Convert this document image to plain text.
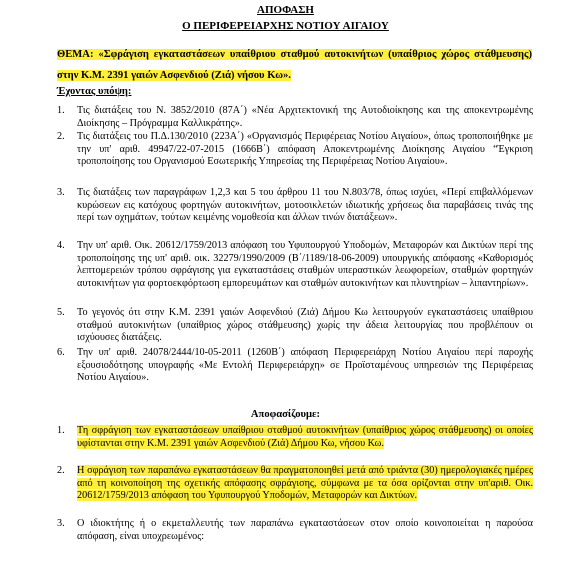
ΑΠΟΦΑΣΗ
Ο ΠΕΡΙΦΕΡΕΙΑΡΧΗΣ ΝΟΤΙΟΥ ΑΙΓΑΙΟΥ
ΘΕΜΑ: «Σφράγιση εγκαταστάσεων υπαίθριου σταθμού αυτοκινήτων (υπαίθριος χώρος στάθμευσης) στην Κ.Μ. 2391 γαιών Ασφενδιού (Ζιά) νήσου Κω».
Έχοντας υπόψη:
1.	Τις διατάξεις του Ν. 3852/2010 (87Α΄) «Νέα Αρχιτεκτονική της Αυτοδιοίκησης και της αποκεντρωμένης Διοίκησης – Πρόγραμμα Καλλικράτης».
2.	Τις διατάξεις του Π.Δ.130/2010 (223Α΄) «Οργανισμός Περιφέρειας Νοτίου Αιγαίου», όπως τροποποιήθηκε με την υπ' αριθ. 49947/22-07-2015 (1666Β΄) απόφαση Αποκεντρωμένης Διοίκησης Αιγαίου “Έγκριση τροποποίησης του Οργανισμού Εσωτερικής Υπηρεσίας της Περιφέρειας Νοτίου Αιγαίου».
3.	Τις διατάξεις των παραγράφων 1,2,3 και 5 του άρθρου 11 του Ν.803/78, όπως ισχύει, «Περί επιβαλλόμενων κυρώσεων εις κατόχους φορτηγών αυτοκινήτων, μοτοσικλετών ιδιωτικής χρήσεως δια παραβάσεις τινάς της περί των οχημάτων, τούτων κειμένης νομοθεσία και άλλων τινών διατάξεων».
4.	Την υπ' αριθ. Οικ. 20612/1759/2013 απόφαση του Υφυπουργού Υποδομών, Μεταφορών και Δικτύων περί της τροποποίησης της υπ' αριθ. οικ. 32279/1990/2009 (Β΄/1189/18-06-2009) υπουργικής απόφασης «Καθορισμός λεπτομερειών τρόπου σφράγισης για εγκαταστάσεις σταθμών υπεραστικών λεωφορείων, σταθμών φορτηγών αυτοκινήτων για φορτοεκφόρτωση εμπορευμάτων και σταθμών αυτοκινήτων και πλυντηρίων – λιπαντηρίων».
5.	Το γεγονός ότι στην Κ.Μ. 2391 γαιών Ασφενδιού (Ζιά) Δήμου Κω λειτουργούν εγκαταστάσεις υπαίθριου σταθμού αυτοκινήτων (υπαίθριος χώρος στάθμευσης) χωρίς την άδεια λειτουργίας που προβλέπουν οι ισχύουσες διατάξεις.
6.	Την υπ' αριθ. 24078/2444/10-05-2011 (1260Β΄) απόφαση Περιφερειάρχη Νοτίου Αιγαίου περί παροχής εξουσιοδότησης υπογραφής «Με Εντολή Περιφερειάρχη» σε Προϊσταμένους υπηρεσιών της Περιφέρειας Νοτίου Αιγαίου».
Αποφασίζουμε:
1.	Τη σφράγιση των εγκαταστάσεων υπαίθριου σταθμού αυτοκινήτων (υπαίθριος χώρος στάθμευσης) οι οποίες υφίστανται στην Κ.Μ. 2391 γαιών Ασφενδιού (Ζιά) Δήμου Κω, νήσου Κω.
2.	Η σφράγιση των παραπάνω εγκαταστάσεων θα πραγματοποιηθεί μετά από τριάντα (30) ημερολογιακές ημέρες από τη κοινοποίηση της σχετικής απόφασης σφράγισης, σύμφωνα με τα όσα ορίζονται στην υπ'αριθ. Οικ. 20612/1759/2013 απόφαση του Υφυπουργού Υποδομών, Μεταφορών και Δικτύων.
3.	Ο ιδιοκτήτης ή ο εκμεταλλευτής των παραπάνω εγκαταστάσεων στον οποίο κοινοποιείται η παρούσα απόφαση, είναι υποχρεωμένος:
